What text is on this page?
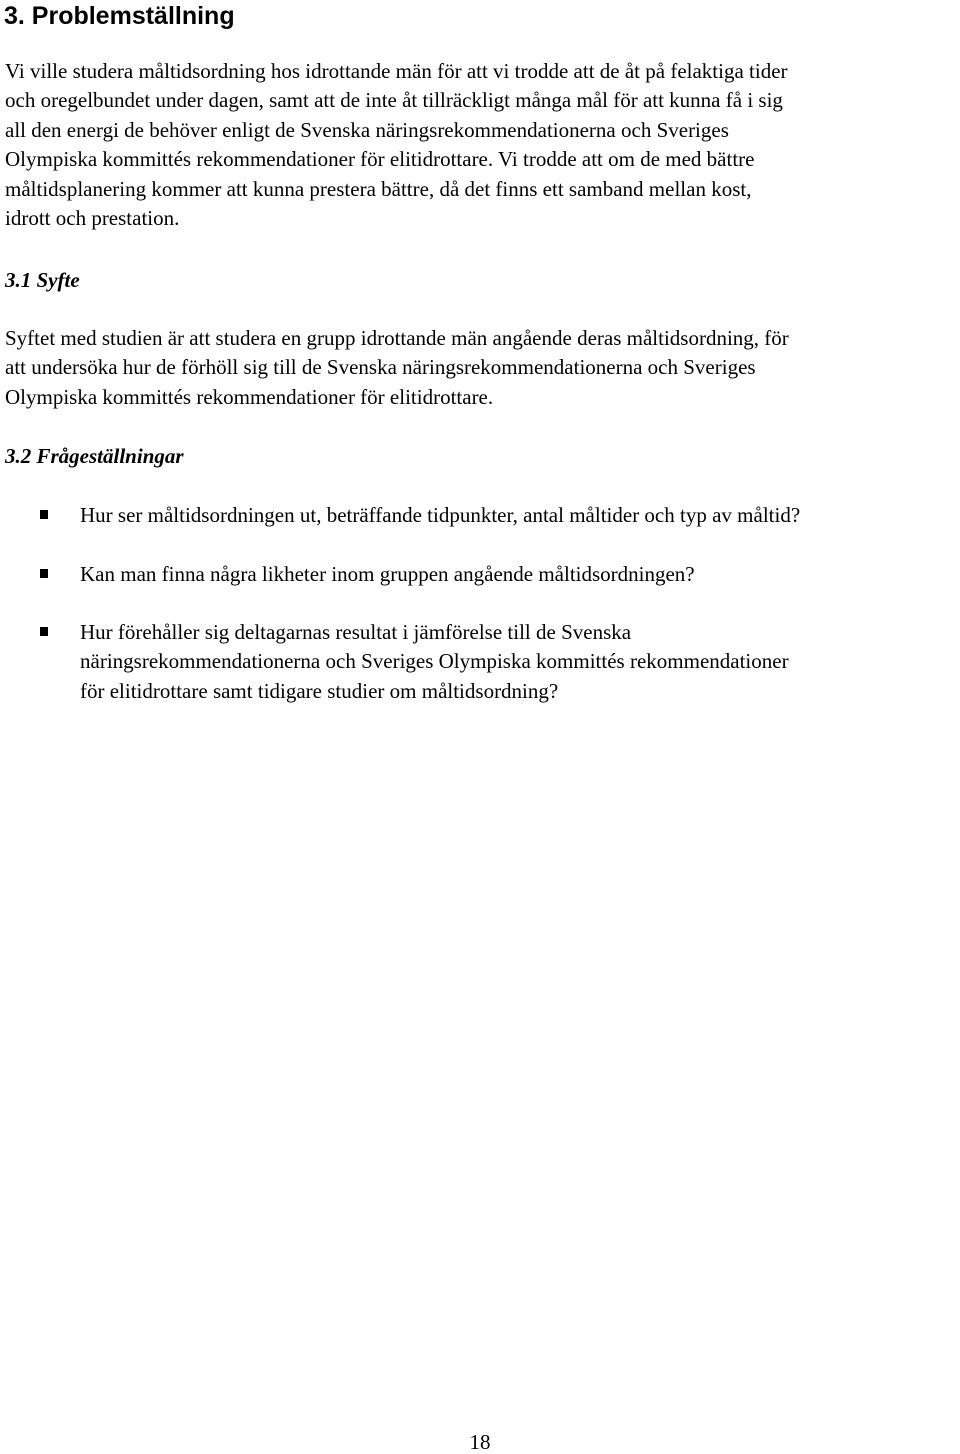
3. Problemställning

Vi ville studera måltidsordning hos idrottande män för att vi trodde att de åt på felaktiga tider
och oregelbundet under dagen, samt att de inte åt tillräckligt många mål för att kunna få i sig
all den energi de behöver enligt de Svenska näringsrekommendationerna och Sveriges
Olympiska kommittés rekommendationer för elitidrottare. Vi trodde att om de med bättre
måltidsplanering kommer att kunna prestera bättre, då det finns ett samband mellan kost,
idrott och prestation.

3.1 Syfte

Syftet med studien är att studera en grupp idrottande män angående deras måltidsordning, för
att undersöka hur de förhöll sig till de Svenska näringsrekommendationerna och Sveriges
Olympiska kommittés rekommendationer för elitidrottare.

3.2 Frågeställningar

Hur ser måltidsordningen ut, beträffande tidpunkter, antal måltider och typ av måltid?

Kan man finna några likheter inom gruppen angående måltidsordningen?

Hur förehåller sig deltagarnas resultat i jämförelse till de Svenska
näringsrekommendationerna och Sveriges Olympiska kommittés rekommendationer
för elitidrottare samt tidigare studier om måltidsordning?

18
